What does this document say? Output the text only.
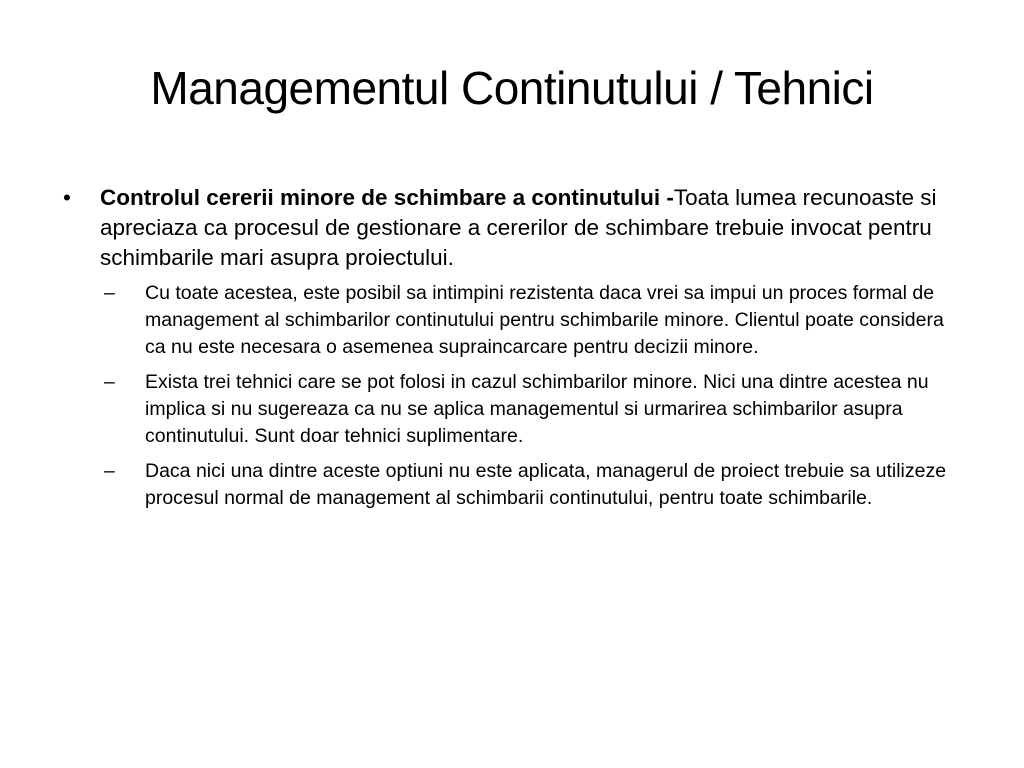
Managementul Continutului / Tehnici
• Controlul cererii minore de schimbare a continutului -Toata lumea recunoaste si apreciaza ca procesul de gestionare a cererilor de schimbare trebuie invocat pentru schimbarile mari asupra proiectului.
– Cu toate acestea, este posibil sa intimpini rezistenta daca vrei sa impui un proces formal de management al schimbarilor continutului pentru schimbarile minore. Clientul poate considera ca nu este necesara o asemenea supraincarcare pentru decizii minore.
– Exista trei tehnici care se pot folosi in cazul schimbarilor minore. Nici una dintre acestea nu implica si nu sugereaza ca nu se aplica managementul si urmarirea schimbarilor asupra continutului. Sunt doar tehnici suplimentare.
– Daca nici una dintre aceste optiuni nu este aplicata, managerul de proiect trebuie sa utilizeze procesul normal de management al schimbarii continutului, pentru toate schimbarile.
